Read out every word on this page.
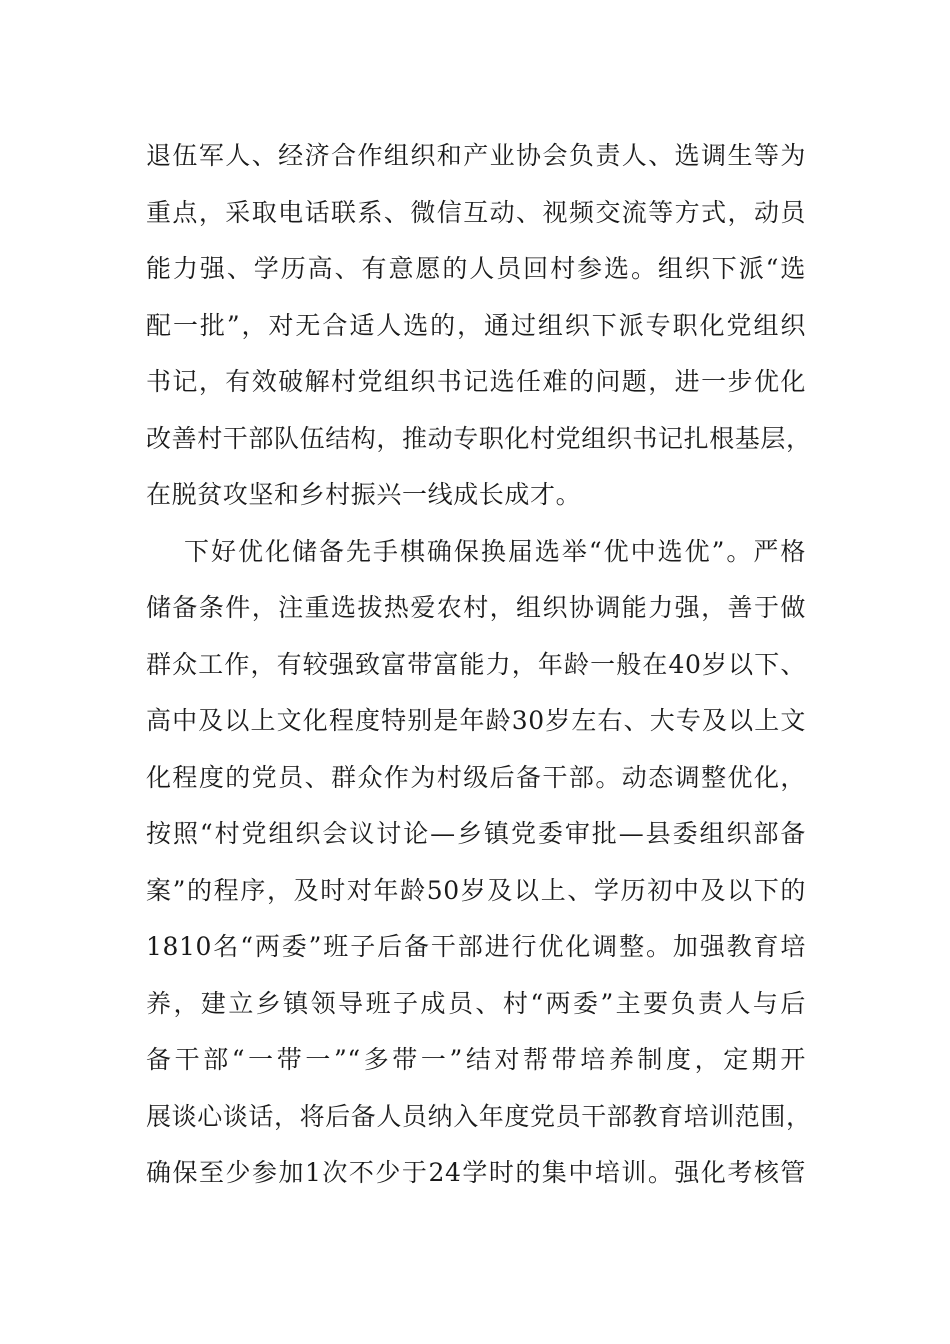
退伍军人、经济合作组织和产业协会负责人、选调生等为
重点，采取电话联系、微信互动、视频交流等方式，动员
能力强、学历高、有意愿的人员回村参选。组织下派“选
配一批”，对无合适人选的，通过组织下派专职化党组织
书记，有效破解村党组织书记选任难的问题，进一步优化
改善村干部队伍结构，推动专职化村党组织书记扎根基层，
在脱贫攻坚和乡村振兴一线成长成才。
下好优化储备先手棋确保换届选举“优中选优”。严格
储备条件，注重选拔热爱农村，组织协调能力强，善于做
群众工作，有较强致富带富能力，年龄一般在40岁以下、
高中及以上文化程度特别是年龄30岁左右、大专及以上文
化程度的党员、群众作为村级后备干部。动态调整优化，
按照“村党组织会议讨论—乡镇党委审批—县委组织部备
案”的程序，及时对年龄50岁及以上、学历初中及以下的
1810名“两委”班子后备干部进行优化调整。加强教育培
养，建立乡镇领导班子成员、村“两委”主要负责人与后
备干部“一带一”“多带一”结对帮带培养制度，定期开
展谈心谈话，将后备人员纳入年度党员干部教育培训范围，
确保至少参加1次不少于24学时的集中培训。强化考核管
